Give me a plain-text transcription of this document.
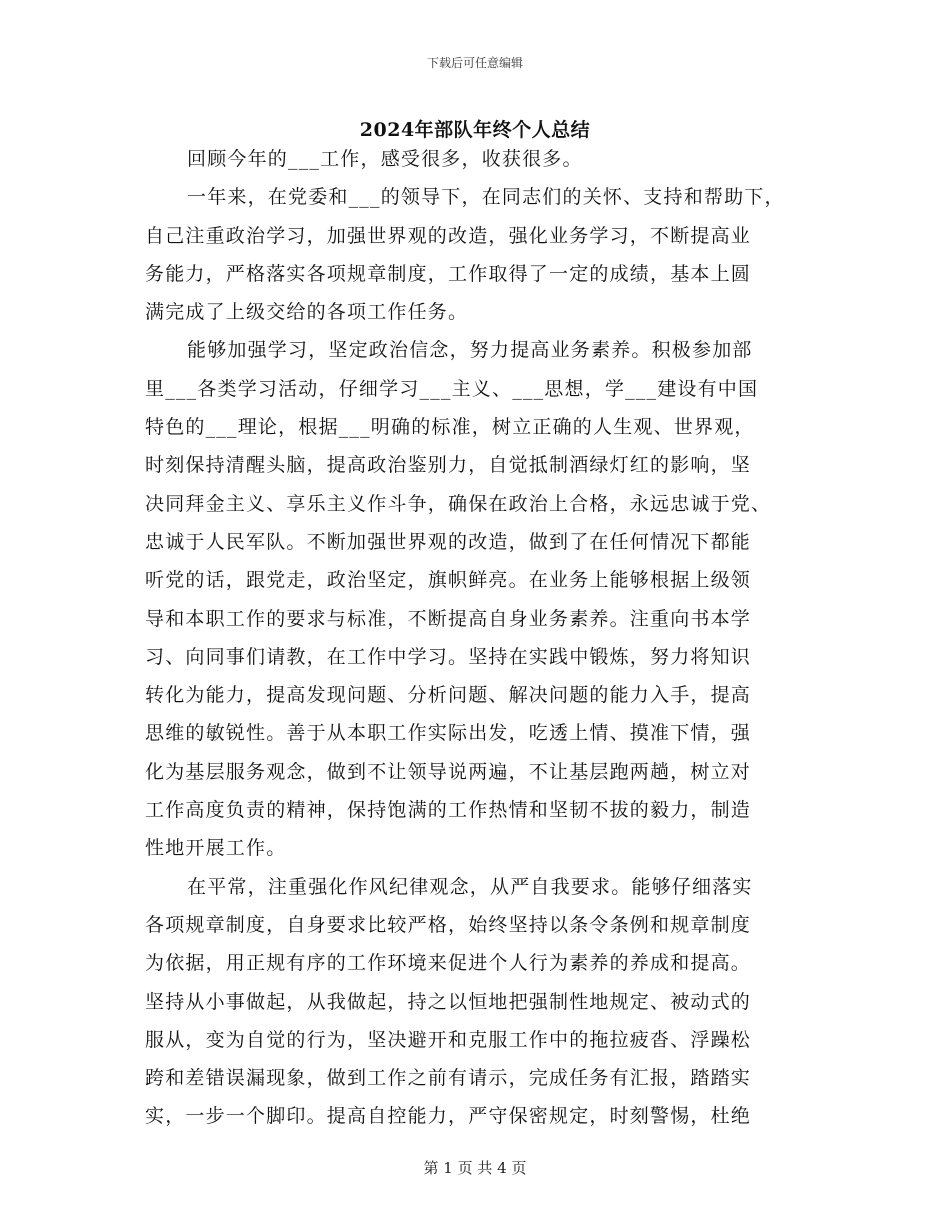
下载后可任意编辑
2024年部队年终个人总结
回顾今年的___工作，感受很多，收获很多。
一年来，在党委和___的领导下，在同志们的关怀、支持和帮助下，
自己注重政治学习，加强世界观的改造，强化业务学习，不断提高业
务能力，严格落实各项规章制度，工作取得了一定的成绩，基本上圆
满完成了上级交给的各项工作任务。
能够加强学习，坚定政治信念，努力提高业务素养。积极参加部
里___各类学习活动，仔细学习___主义、___思想，学___建设有中国
特色的___理论，根据___明确的标准，树立正确的人生观、世界观，
时刻保持清醒头脑，提高政治鉴别力，自觉抵制酒绿灯红的影响，坚
决同拜金主义、享乐主义作斗争，确保在政治上合格，永远忠诚于党、
忠诚于人民军队。不断加强世界观的改造，做到了在任何情况下都能
听党的话，跟党走，政治坚定，旗帜鲜亮。在业务上能够根据上级领
导和本职工作的要求与标准，不断提高自身业务素养。注重向书本学
习、向同事们请教，在工作中学习。坚持在实践中锻炼，努力将知识
转化为能力，提高发现问题、分析问题、解决问题的能力入手，提高
思维的敏锐性。善于从本职工作实际出发，吃透上情、摸准下情，强
化为基层服务观念，做到不让领导说两遍，不让基层跑两趟，树立对
工作高度负责的精神，保持饱满的工作热情和坚韧不拔的毅力，制造
性地开展工作。
在平常，注重强化作风纪律观念，从严自我要求。能够仔细落实
各项规章制度，自身要求比较严格，始终坚持以条令条例和规章制度
为依据，用正规有序的工作环境来促进个人行为素养的养成和提高。
坚持从小事做起，从我做起，持之以恒地把强制性地规定、被动式的
服从，变为自觉的行为，坚决避开和克服工作中的拖拉疲沓、浮躁松
跨和差错误漏现象，做到工作之前有请示，完成任务有汇报，踏踏实
实，一步一个脚印。提高自控能力，严守保密规定，时刻警惕，杜绝
第 1 页 共 4 页
